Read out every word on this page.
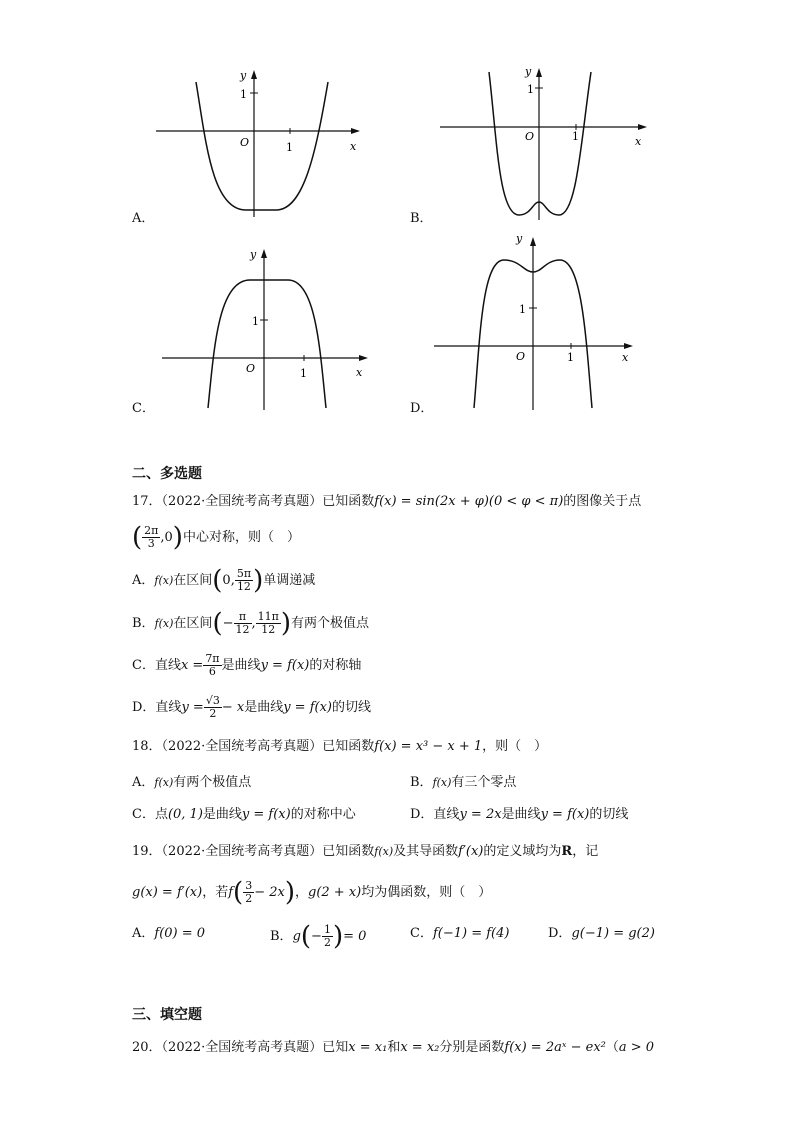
y
x
O	1
1
A．
y
x
O	1
1
B．
y
x
O	1
1
C．
y
x
O	1
1
D．
二、多选题
17．（2022·全国统考高考真题）已知函数f(x) = sin(2x + φ)(0 < φ < π)的图像关于点
( $\frac{2\pi}{3} ,0$)中心对称，则（　）
A．f(x)在区间(0, $\frac{5\pi}{12}$ )单调递减
B．f(x)在区间(− $\frac{\pi}{12}$ , $\frac{11\pi}{12}$ )有两个极值点
C．直线$x = \frac{7\pi}{6}$ 是曲线y = f(x)的对称轴
D．直线$y = \frac{√3}{2} - x$是曲线y = f(x)的切线
18．（2022·全国统考高考真题）已知函数f(x) = x³ − x + 1，则（　）
A．f(x)有两个极值点	B．f(x)有三个零点
C．点(0, 1)是曲线y = f(x)的对称中心	D．直线y = 2x是曲线y = f(x)的切线
19．（2022·全国统考高考真题）已知函数f(x)及其导函数f′(x)的定义域均为R，记
g(x) = f′(x)，若$f( \frac{3}{2} - 2x)$，g(2 + x)均为偶函数，则（　）
A．f(0) = 0	B．$g(- \frac{1}{2}$ )= 0	C．f(−1) = f(4)	D．g(−1) = g(2)
三、填空题
20．（2022·全国统考高考真题）已知x = x₁和x = x₂分别是函数f(x) = 2aˣ − ex²（a > 0
